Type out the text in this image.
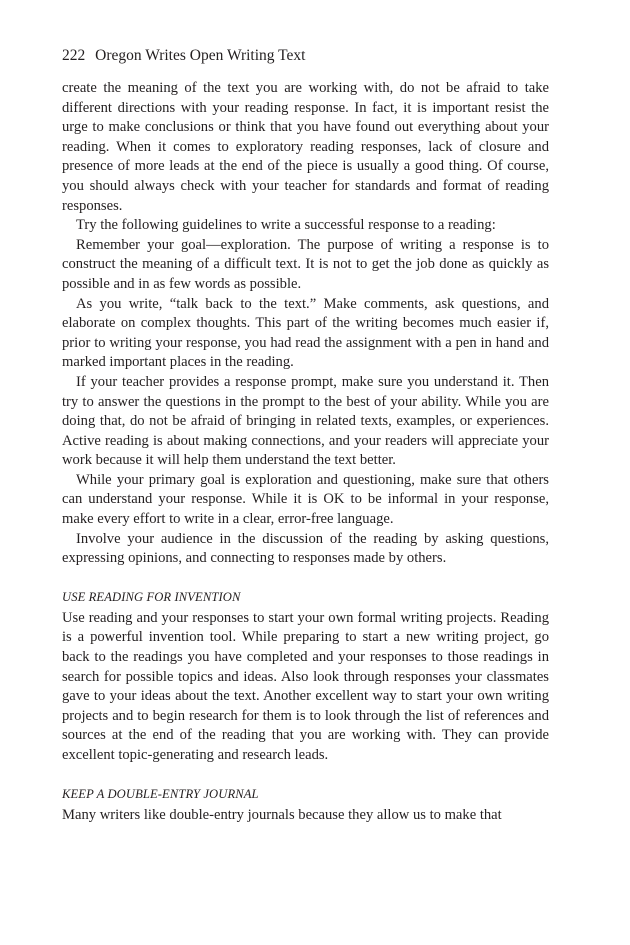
222 Oregon Writes Open Writing Text

create the meaning of the text you are working with, do not be afraid to take different directions with your reading response. In fact, it is important resist the urge to make conclusions or think that you have found out everything about your reading. When it comes to exploratory reading responses, lack of closure and presence of more leads at the end of the piece is usually a good thing. Of course, you should always check with your teacher for standards and format of reading responses.

Try the following guidelines to write a successful response to a reading:

Remember your goal—exploration. The purpose of writing a response is to construct the meaning of a difficult text. It is not to get the job done as quickly as possible and in as few words as possible.

As you write, “talk back to the text.” Make comments, ask questions, and elaborate on complex thoughts. This part of the writing becomes much easier if, prior to writing your response, you had read the assignment with a pen in hand and marked important places in the reading.

If your teacher provides a response prompt, make sure you understand it. Then try to answer the questions in the prompt to the best of your ability. While you are doing that, do not be afraid of bringing in related texts, examples, or experiences. Active reading is about making connections, and your readers will appreciate your work because it will help them understand the text better.

While your primary goal is exploration and questioning, make sure that others can understand your response. While it is OK to be informal in your response, make every effort to write in a clear, error-free language.

Involve your audience in the discussion of the reading by asking questions, expressing opinions, and connecting to responses made by others.

USE READING FOR INVENTION

Use reading and your responses to start your own formal writing projects. Reading is a powerful invention tool. While preparing to start a new writing project, go back to the readings you have completed and your responses to those readings in search for possible topics and ideas. Also look through responses your classmates gave to your ideas about the text. Another excellent way to start your own writing projects and to begin research for them is to look through the list of references and sources at the end of the reading that you are working with. They can provide excellent topic-generating and research leads.

KEEP A DOUBLE-ENTRY JOURNAL

Many writers like double-entry journals because they allow us to make that
